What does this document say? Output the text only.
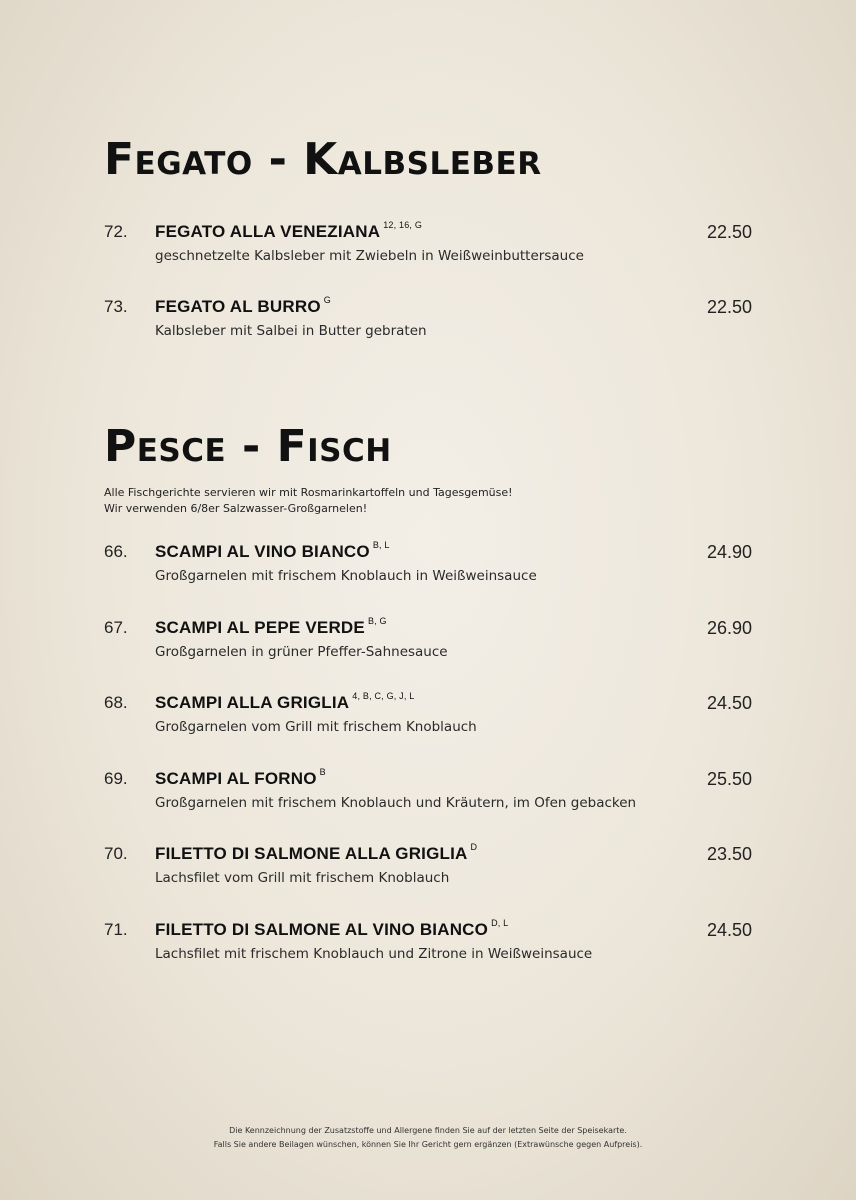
Fegato - Kalbsleber
72. FEGATO ALLA VENEZIANA $^{12, 16, G}$
geschnetzelte Kalbsleber mit Zwiebeln in Weißweinbuttersauce
22.50
73. FEGATO AL BURRO $^G$
Kalbsleber mit Salbei in Butter gebraten
22.50
Pesce - Fisch

Alle Fischgerichte servieren wir mit Rosmarinkartoffeln und Tagesgemüse!
Wir verwenden 6/8er Salzwasser-Großgarnelen!

66. SCAMPI AL VINO BIANCO $^{B, L}$
Großgarnelen mit frischem Knoblauch in Weißweinsauce
24.90
67. SCAMPI AL PEPE VERDE $^{B, G}$
Großgarnelen in grüner Pfeffer-Sahnesauce
26.90
68. SCAMPI ALLA GRIGLIA $^{4, B, C, G, J, L}$
Großgarnelen vom Grill mit frischem Knoblauch
24.50
69. SCAMPI AL FORNO $^B$
Großgarnelen mit frischem Knoblauch und Kräutern, im Ofen gebacken
25.50
70. FILETTO DI SALMONE ALLA GRIGLIA $^D$
Lachsfilet vom Grill mit frischem Knoblauch
23.50
71. FILETTO DI SALMONE AL VINO BIANCO $^{D, L}$
Lachsfilet mit frischem Knoblauch und Zitrone in Weißweinsauce
24.50
Die Kennzeichnung der Zusatzstoffe und Allergene finden Sie auf der letzten Seite der Speisekarte.
Falls Sie andere Beilagen wünschen, können Sie Ihr Gericht gern ergänzen (Extrawünsche gegen Aufpreis).
